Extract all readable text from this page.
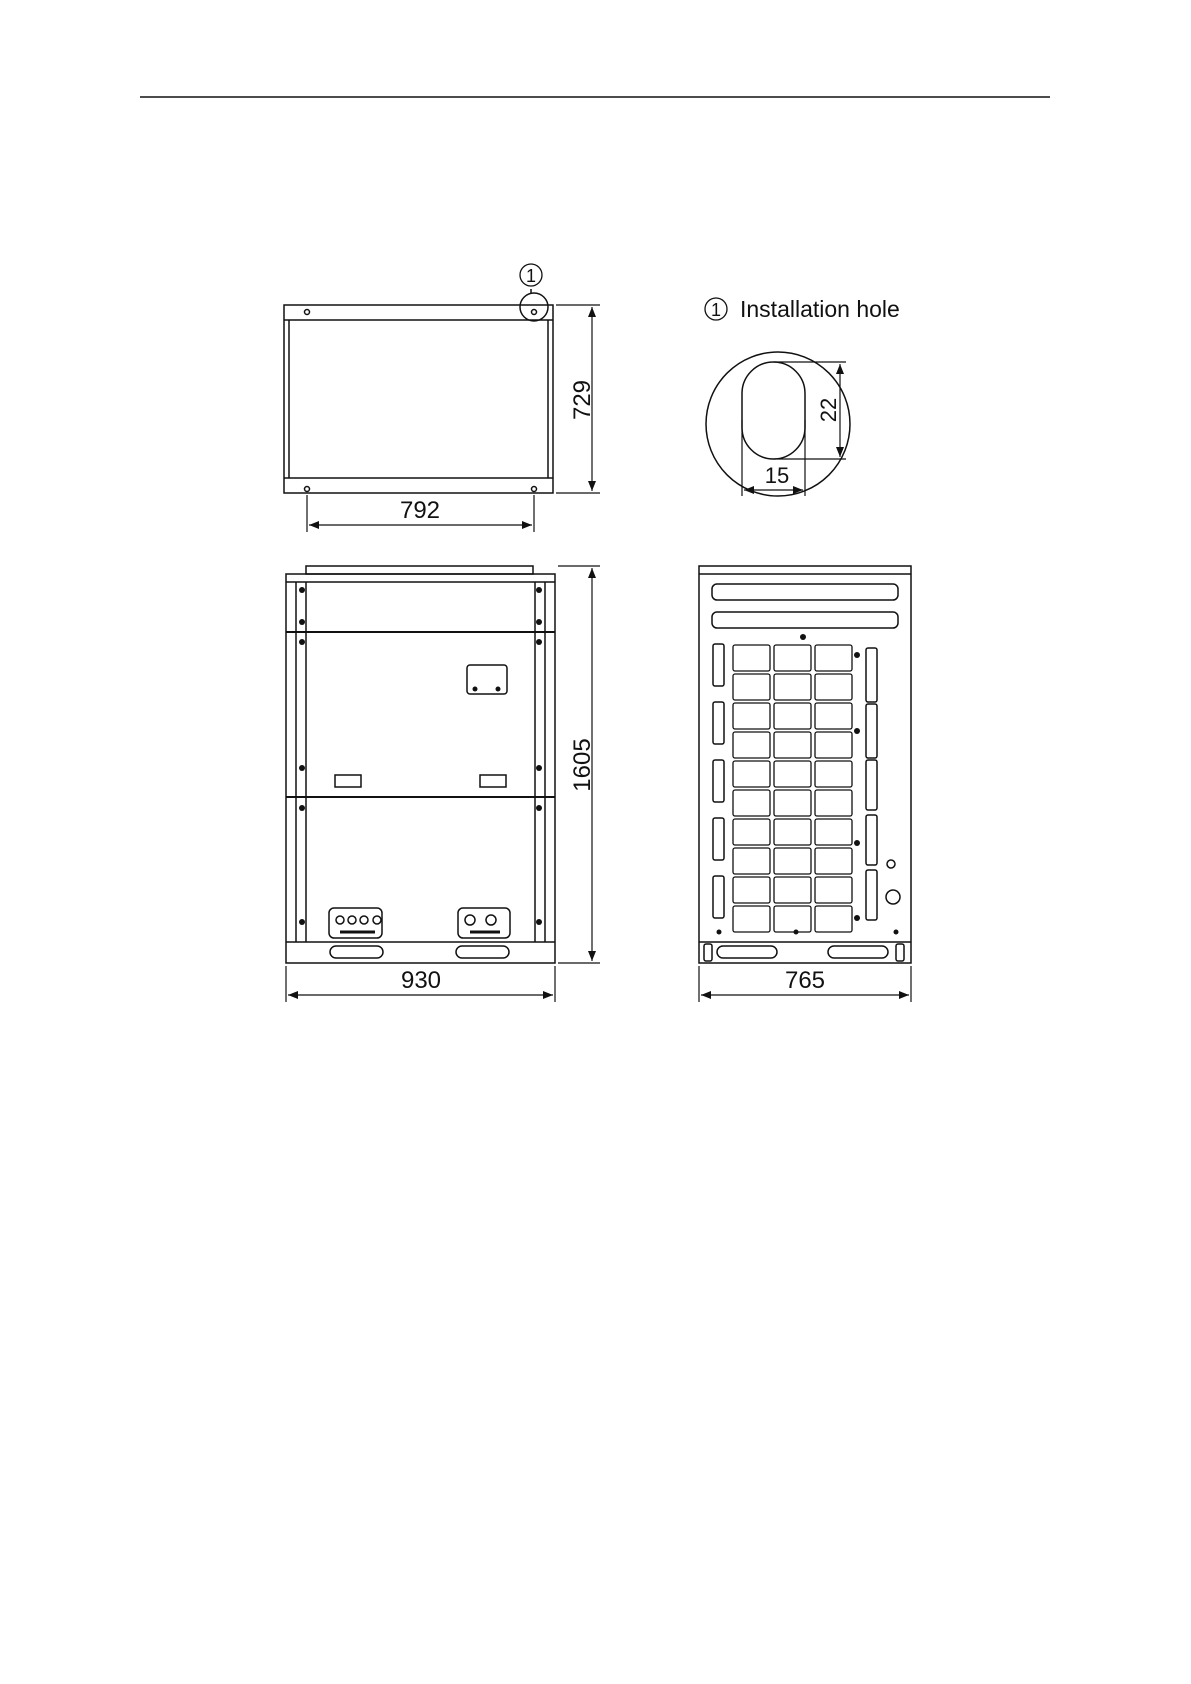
1
729
792
1 Installation hole
22
15
1605
930	765
